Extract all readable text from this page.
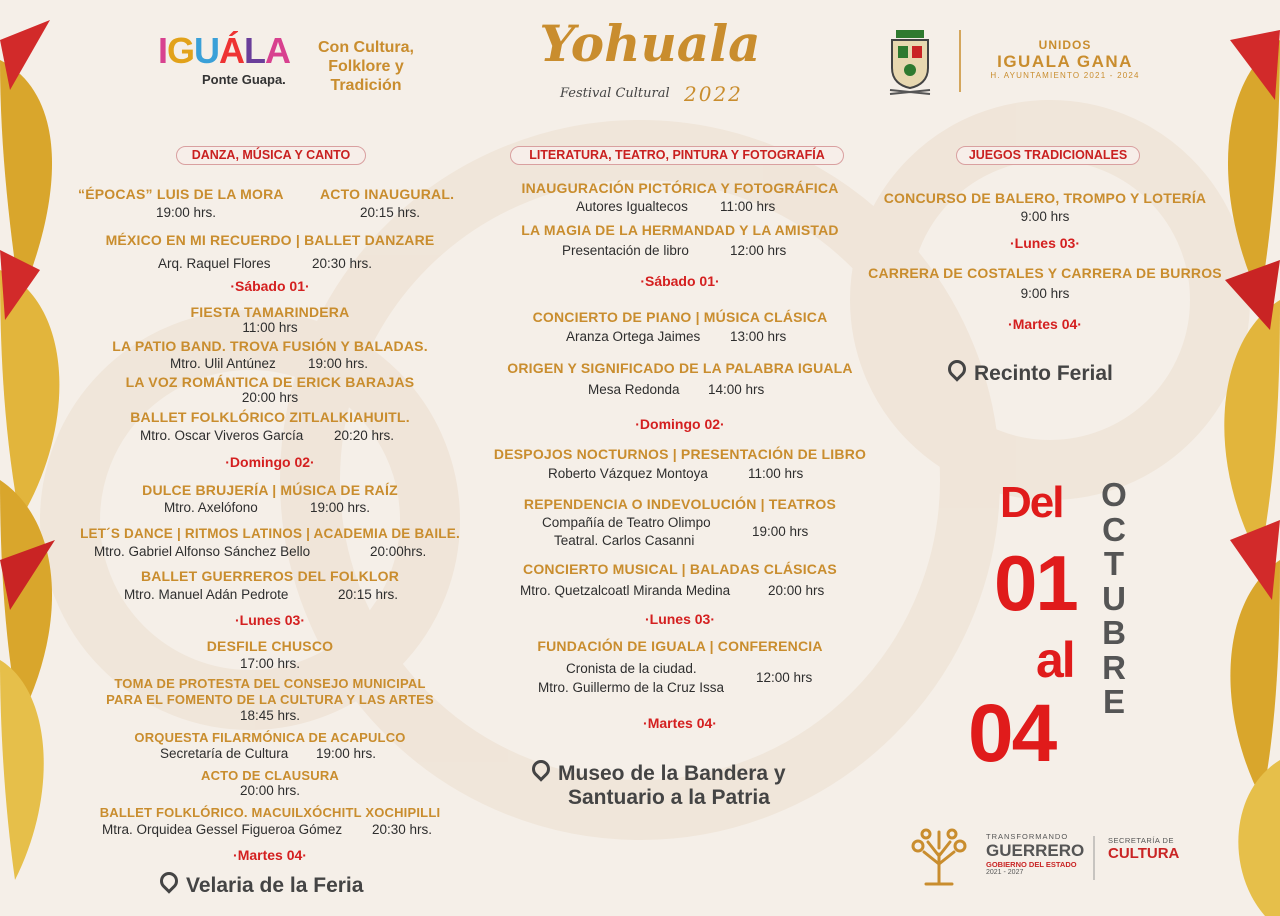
IGUÁLA
Ponte Guapa.
Con Cultura,
Folklore y
Tradición
Yohuala
Festival Cultural 2022
UNIDOS
IGUALA GANA
H. AYUNTAMIENTO 2021 - 2024
DANZA, MÚSICA Y CANTO	LITERATURA, TEATRO, PINTURA Y FOTOGRAFÍA	JUEGOS TRADICIONALES
“ÉPOCAS” LUIS DE LA MORA
19:00 hrs.
ACTO INAUGURAL.
20:15 hrs.
MÉXICO EN MI RECUERDO | BALLET DANZARE
Arq. Raquel Flores	20:30 hrs.
·Sábado 01·
FIESTA TAMARINDERA
11:00 hrs
LA PATIO BAND. TROVA FUSIÓN Y BALADAS.
Mtro. Ulil Antúnez 19:00 hrs.
LA VOZ ROMÁNTICA DE ERICK BARAJAS
20:00 hrs
BALLET FOLKLÓRICO ZITLALKIAHUITL.
Mtro. Oscar Viveros García 20:20 hrs.
·Domingo 02·
DULCE BRUJERÍA | MÚSICA DE RAÍZ
Mtro. Axelófono	19:00 hrs.
LET´S DANCE | RITMOS LATINOS | ACADEMIA DE BAILE.
Mtro. Gabriel Alfonso Sánchez Bello	20:00hrs.
BALLET GUERREROS DEL FOLKLOR
Mtro. Manuel Adán Pedrote	20:15 hrs.
·Lunes 03·
DESFILE CHUSCO
17:00 hrs.
TOMA DE PROTESTA DEL CONSEJO MUNICIPAL
PARA EL FOMENTO DE LA CULTURA Y LAS ARTES
18:45 hrs.
ORQUESTA FILARMÓNICA DE ACAPULCO
Secretaría de Cultura 19:00 hrs.
ACTO DE CLAUSURA
20:00 hrs.
BALLET FOLKLÓRICO. MACUILXÓCHITL XOCHIPILLI
Mtra. Orquidea Gessel Figueroa Gómez 20:30 hrs.
·Martes 04·
Velaria de la Feria
INAUGURACIÓN PICTÓRICA Y FOTOGRÁFICA
Autores Igualtecos 11:00 hrs
LA MAGIA DE LA HERMANDAD Y LA AMISTAD
Presentación de libro	12:00 hrs
·Sábado 01·
CONCIERTO DE PIANO | MÚSICA CLÁSICA
Aranza Ortega Jaimes 13:00 hrs
ORIGEN Y SIGNIFICADO DE LA PALABRA IGUALA
Mesa Redonda 14:00 hrs
·Domingo 02·
DESPOJOS NOCTURNOS | PRESENTACIÓN DE LIBRO
Roberto Vázquez Montoya	11:00 hrs
REPENDENCIA O INDEVOLUCIÓN | TEATROS
Compañía de Teatro Olimpo
Teatral. Carlos Casanni
19:00 hrs
CONCIERTO MUSICAL | BALADAS CLÁSICAS
Mtro. Quetzalcoatl Miranda Medina	20:00 hrs
·Lunes 03·
FUNDACIÓN DE IGUALA | CONFERENCIA
Cronista de la ciudad.
Mtro. Guillermo de la Cruz Issa
12:00 hrs
·Martes 04·
Museo de la Bandera y
Santuario a la Patria
CONCURSO DE BALERO, TROMPO Y LOTERÍA
9:00 hrs
·Lunes 03·
CARRERA DE COSTALES Y CARRERA DE BURROS
9:00 hrs
·Martes 04·
Recinto Ferial
Del
01
al
04
O
C
T
U
B
R
E
TRANSFORMANDO
GUERRERO
GOBIERNO DEL ESTADO
2021 - 2027
SECRETARÍA DE
CULTURA
